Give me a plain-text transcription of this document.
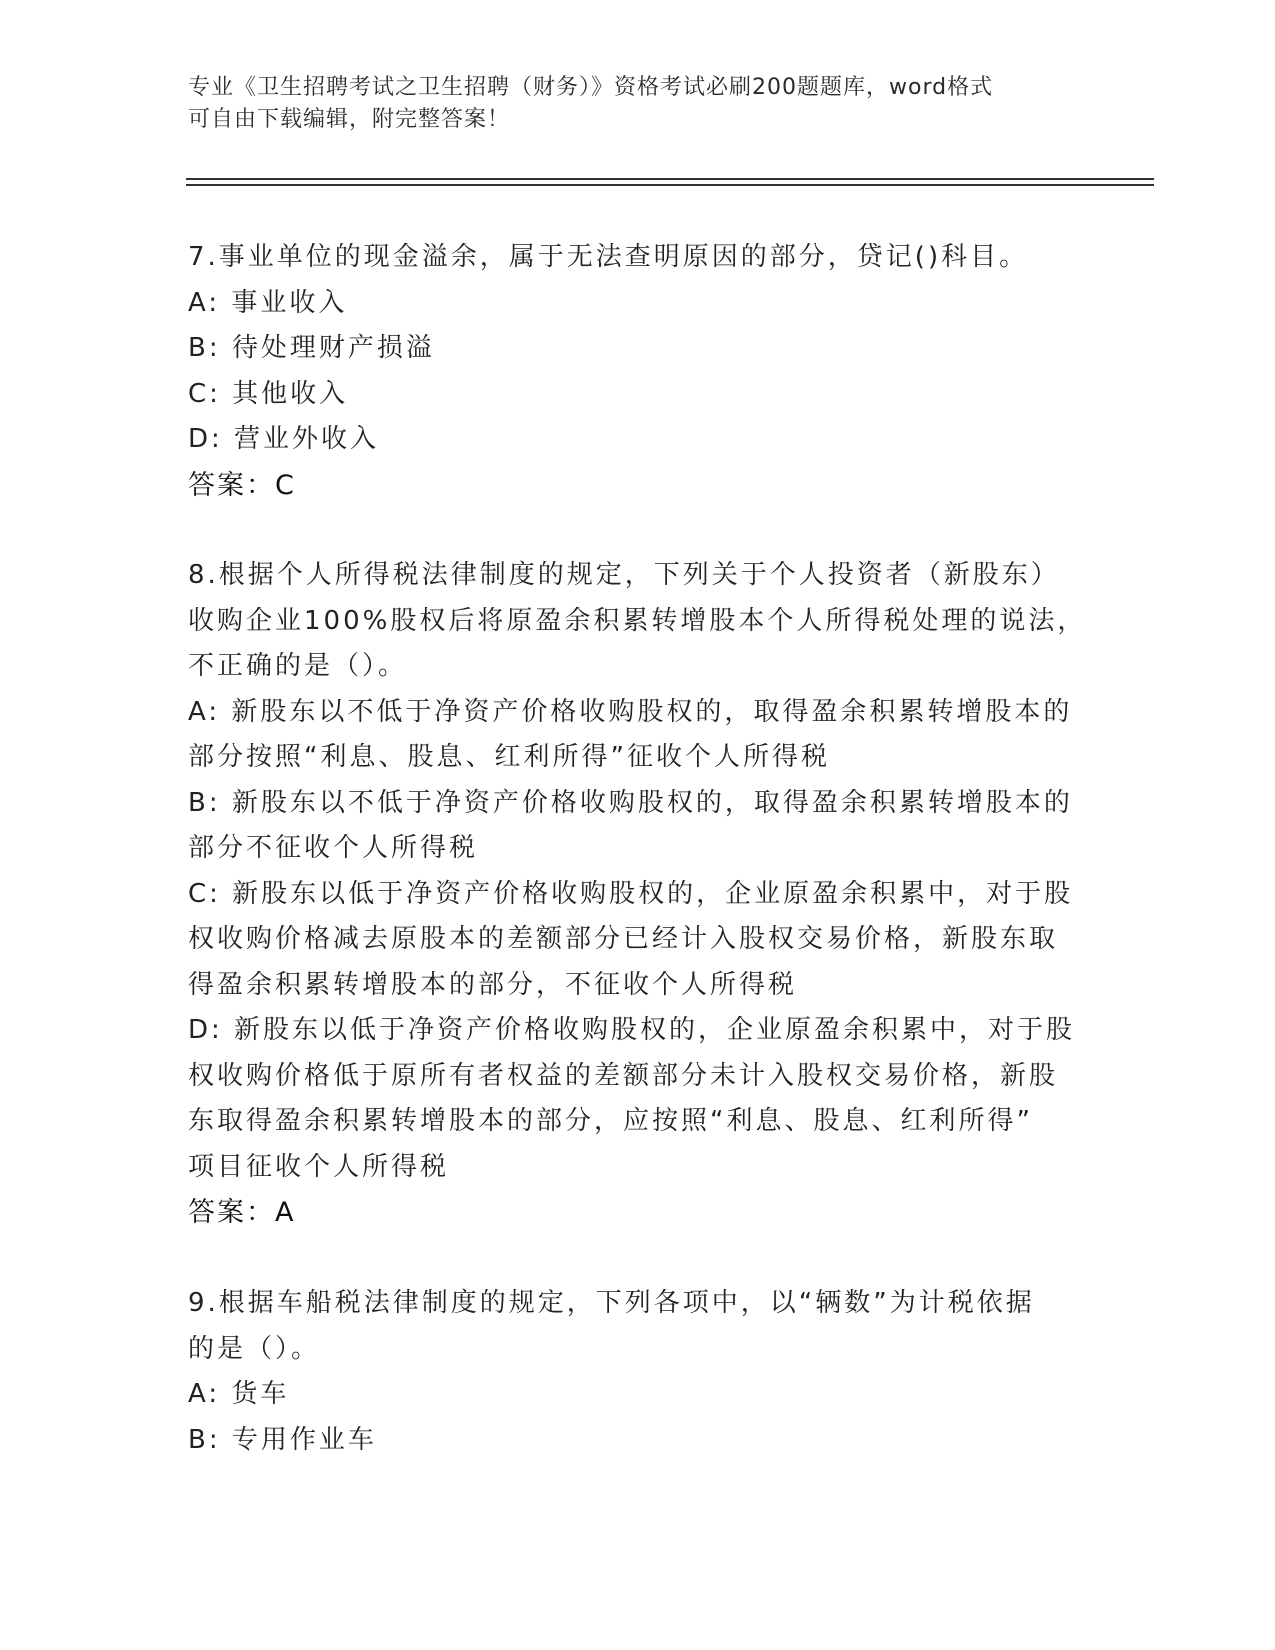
专业《卫生招聘考试之卫生招聘（财务）》资格考试必刷200题题库，word格式
可自由下载编辑，附完整答案！
7.事业单位的现金溢余，属于无法查明原因的部分，贷记()科目。
A: 事业收入
B: 待处理财产损溢
C: 其他收入
D: 营业外收入
答案：C
8.根据个人所得税法律制度的规定，下列关于个人投资者（新股东）
收购企业100%股权后将原盈余积累转增股本个人所得税处理的说法，
不正确的是（）。
A: 新股东以不低于净资产价格收购股权的，取得盈余积累转增股本的
部分按照“利息、股息、红利所得”征收个人所得税
B: 新股东以不低于净资产价格收购股权的，取得盈余积累转增股本的
部分不征收个人所得税
C: 新股东以低于净资产价格收购股权的，企业原盈余积累中，对于股
权收购价格减去原股本的差额部分已经计入股权交易价格，新股东取
得盈余积累转增股本的部分，不征收个人所得税
D: 新股东以低于净资产价格收购股权的，企业原盈余积累中，对于股
权收购价格低于原所有者权益的差额部分未计入股权交易价格，新股
东取得盈余积累转增股本的部分，应按照“利息、股息、红利所得”
项目征收个人所得税
答案：A
9.根据车船税法律制度的规定，下列各项中，以“辆数”为计税依据
的是（）。
A: 货车
B: 专用作业车
